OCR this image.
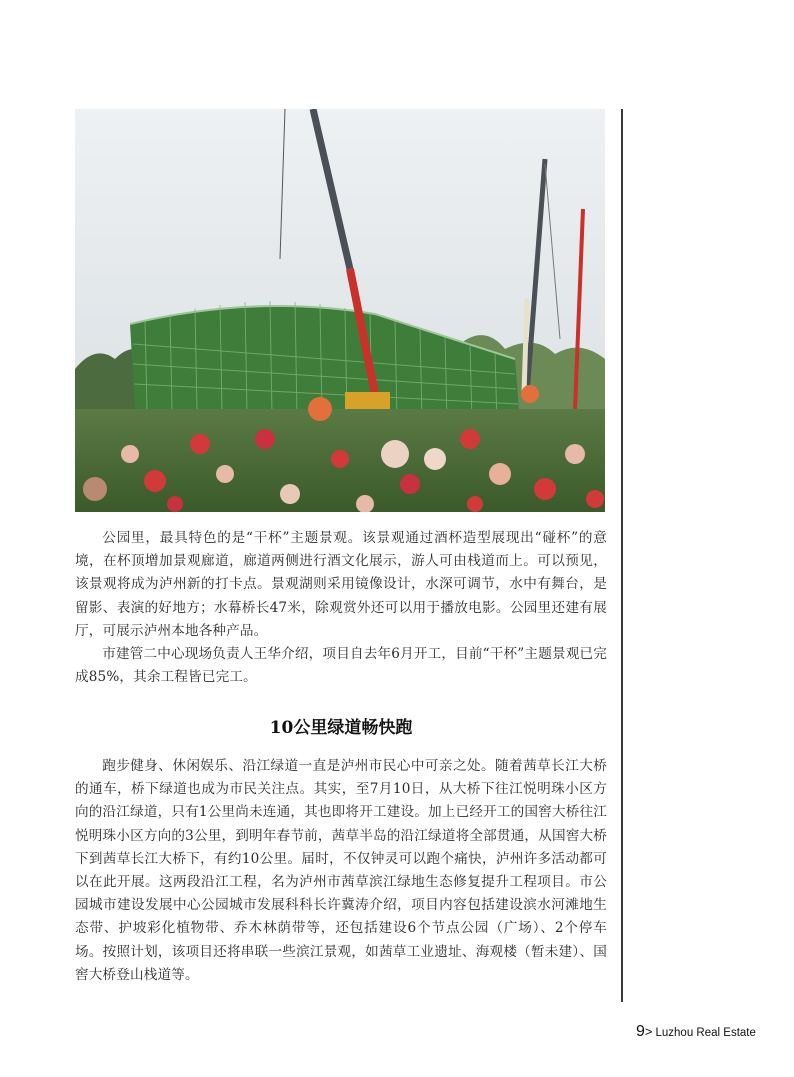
公园里，最具特色的是“干杯”主题景观。该景观通过酒杯造型展现出“碰杯”的意境，在杯顶增加景观廊道，廊道两侧进行酒文化展示，游人可由栈道而上。可以预见，该景观将成为泸州新的打卡点。景观湖则采用镜像设计，水深可调节，水中有舞台，是留影、表演的好地方；水幕桥长47米，除观赏外还可以用于播放电影。公园里还建有展厅，可展示泸州本地各种产品。

市建管二中心现场负责人王华介绍，项目自去年6月开工，目前“干杯”主题景观已完成85%，其余工程皆已完工。

10公里绿道畅快跑

跑步健身、休闲娱乐、沿江绿道一直是泸州市民心中可亲之处。随着茜草长江大桥的通车，桥下绿道也成为市民关注点。其实，至7月10日，从大桥下往江悦明珠小区方向的沿江绿道，只有1公里尚未连通，其也即将开工建设。加上已经开工的国窖大桥往江悦明珠小区方向的3公里，到明年春节前，茜草半岛的沿江绿道将全部贯通，从国窖大桥下到茜草长江大桥下，有约10公里。届时，不仅钟灵可以跑个痛快，泸州许多活动都可以在此开展。这两段沿江工程，名为泸州市茜草滨江绿地生态修复提升工程项目。市公园城市建设发展中心公园城市发展科科长许冀涛介绍，项目内容包括建设滨水河滩地生态带、护坡彩化植物带、乔木林荫带等，还包括建设6个节点公园（广场）、2个停车场。按照计划，该项目还将串联一些滨江景观，如茜草工业遗址、海观楼（暂未建）、国窖大桥登山栈道等。

9> Luzhou Real Estate
